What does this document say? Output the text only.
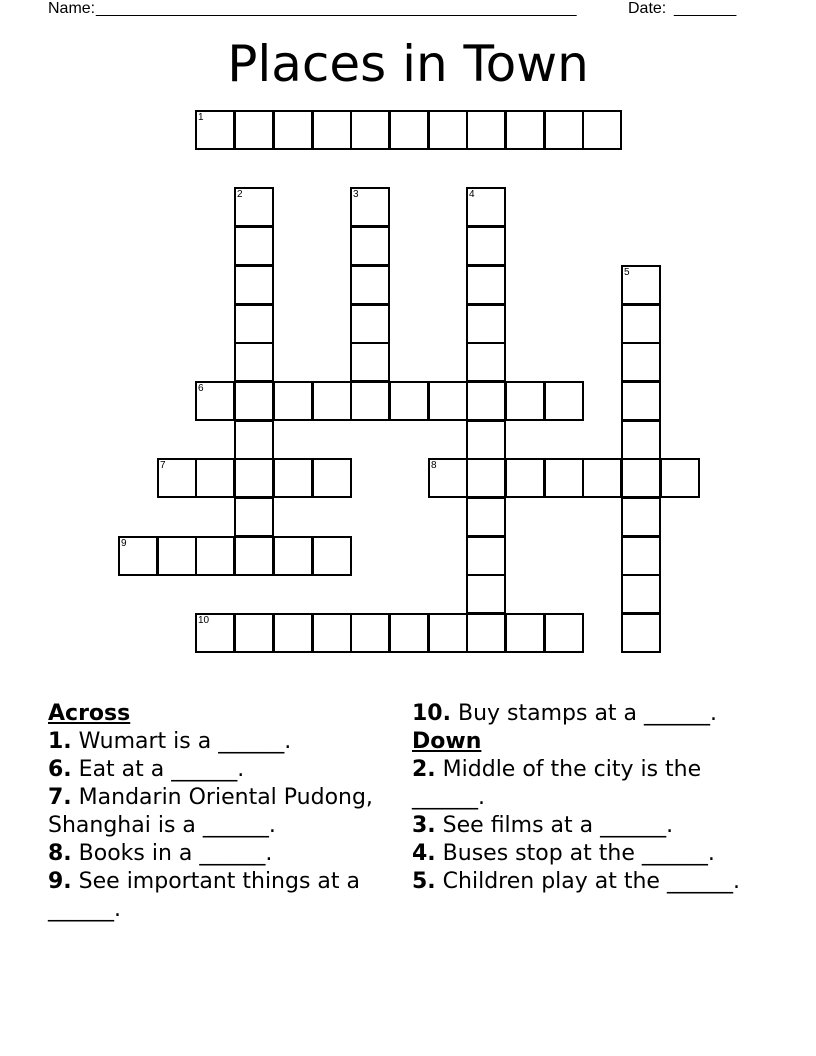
Name:
______________________________________________________	Date: _______
Places in Town
1
2	3	4
5
6
7	8
9
10
Across
1. Wumart is a ______.
6. Eat at a ______.
7. Mandarin Oriental Pudong, Shanghai is a ______.
8. Books in a ______.
9. See important things at a ______.
10. Buy stamps at a ______.
Down
2. Middle of the city is the ______.
3. See films at a ______.
4. Buses stop at the ______.
5. Children play at the ______.
